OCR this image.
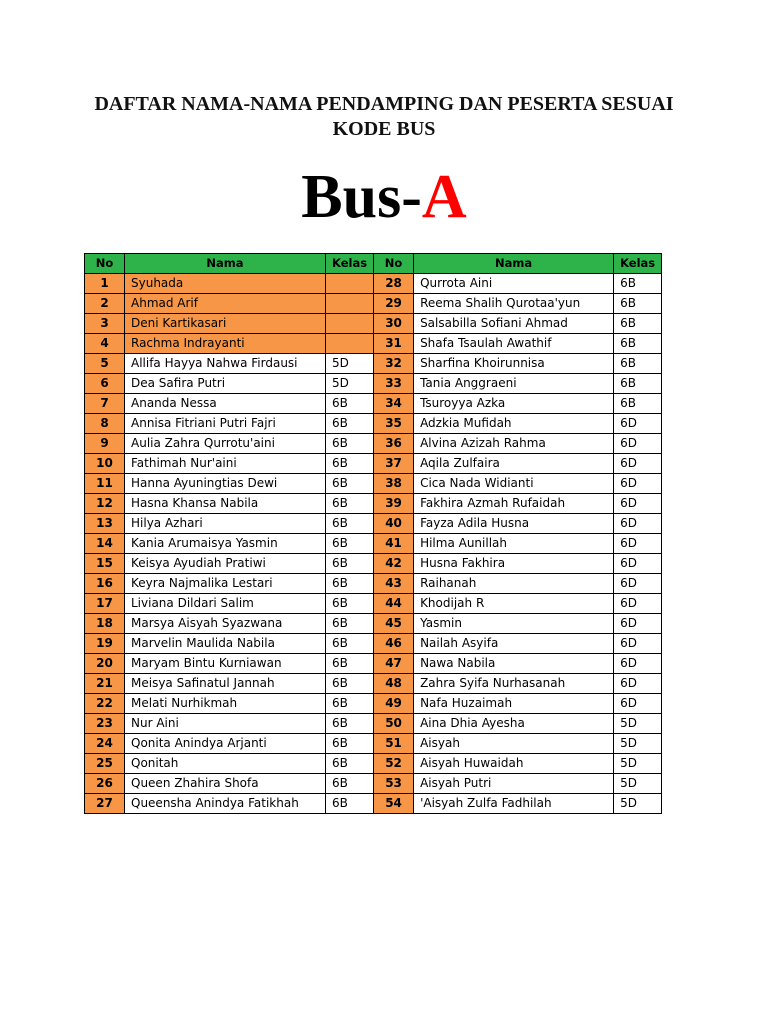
DAFTAR NAMA-NAMA PENDAMPING DAN PESERTA SESUAI
KODE BUS
Bus-A
No	Nama	Kelas	No	Nama	Kelas
1	Syuhada		28	Qurrota Aini	6B
2	Ahmad Arif		29	Reema Shalih Qurotaa'yun	6B
3	Deni Kartikasari		30	Salsabilla Sofiani Ahmad	6B
4	Rachma Indrayanti		31	Shafa Tsaulah Awathif	6B
5	Allifa Hayya Nahwa Firdausi	5D	32	Sharfina Khoirunnisa	6B
6	Dea Safira Putri	5D	33	Tania Anggraeni	6B
7	Ananda Nessa	6B	34	Tsuroyya Azka	6B
8	Annisa Fitriani Putri Fajri	6B	35	Adzkia Mufidah	6D
9	Aulia Zahra Qurrotu'aini	6B	36	Alvina Azizah Rahma	6D
10	Fathimah Nur'aini	6B	37	Aqila Zulfaira	6D
11	Hanna Ayuningtias Dewi	6B	38	Cica Nada Widianti	6D
12	Hasna Khansa Nabila	6B	39	Fakhira Azmah Rufaidah	6D
13	Hilya Azhari	6B	40	Fayza Adila Husna	6D
14	Kania Arumaisya Yasmin	6B	41	Hilma Aunillah	6D
15	Keisya Ayudiah Pratiwi	6B	42	Husna Fakhira	6D
16	Keyra Najmalika Lestari	6B	43	Raihanah	6D
17	Liviana Dildari Salim	6B	44	Khodijah R	6D
18	Marsya Aisyah Syazwana	6B	45	Yasmin	6D
19	Marvelin Maulida Nabila	6B	46	Nailah Asyifa	6D
20	Maryam Bintu Kurniawan	6B	47	Nawa Nabila	6D
21	Meisya Safinatul Jannah	6B	48	Zahra Syifa Nurhasanah	6D
22	Melati Nurhikmah	6B	49	Nafa Huzaimah	6D
23	Nur Aini	6B	50	Aina Dhia Ayesha	5D
24	Qonita Anindya Arjanti	6B	51	Aisyah	5D
25	Qonitah	6B	52	Aisyah Huwaidah	5D
26	Queen Zhahira Shofa	6B	53	Aisyah Putri	5D
27	Queensha Anindya Fatikhah	6B	54	'Aisyah Zulfa Fadhilah	5D
